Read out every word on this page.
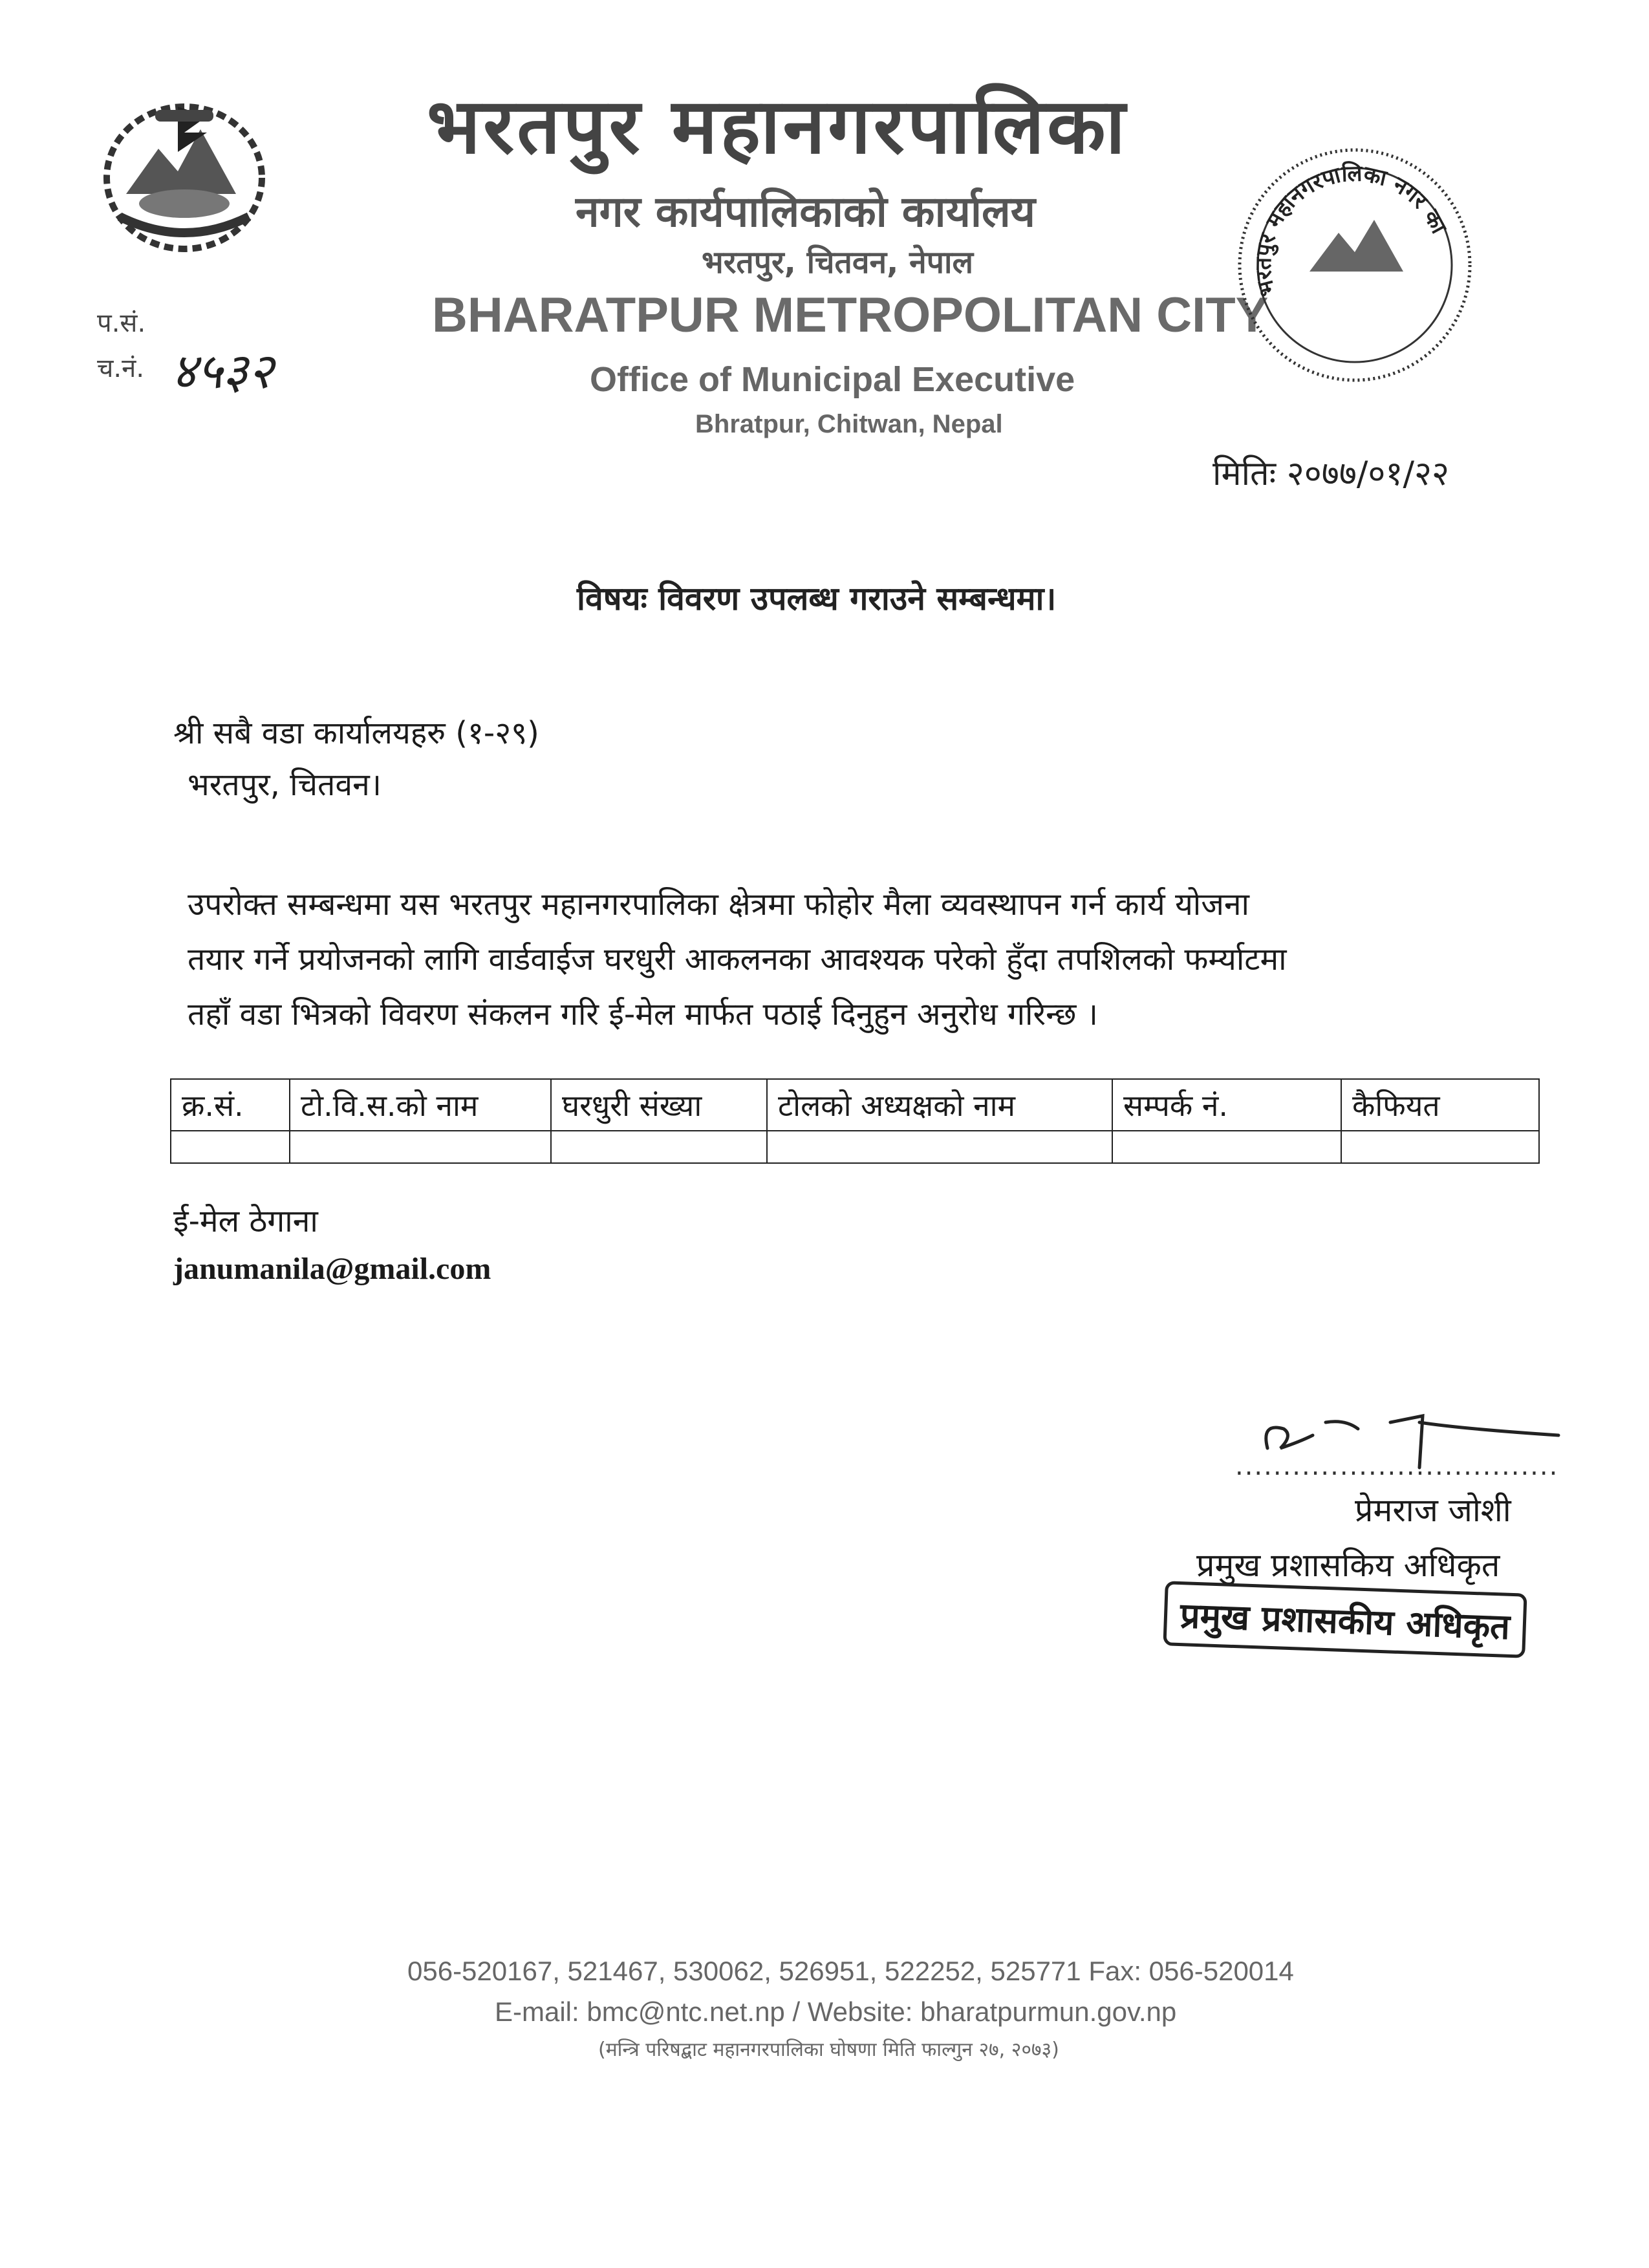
भरतपुर महानगरपालिका
नगर कार्यपालिकाको कार्यालय
भरतपुर, चितवन, नेपाल
BHARATPUR METROPOLITAN CITY
Office of Municipal Executive
Bhratpur, Chitwan, Nepal
भरतपुर महानगरपालिका नगर कार्यपालिकाको
प.सं.
च.नं. ४५३२
मितिः २०७७/०१/२२
विषयः विवरण उपलब्ध गराउने सम्बन्धमा।
श्री सबै वडा कार्यालयहरु (१-२९)
भरतपुर, चितवन।
उपरोक्त सम्बन्धमा यस भरतपुर महानगरपालिका क्षेत्रमा फोहोर मैला व्यवस्थापन गर्न कार्य योजना
तयार गर्ने प्रयोजनको लागि वार्डवाईज घरधुरी आकलनका आवश्यक परेको हुँदा तपशिलको फर्म्याटमा
तहाँ वडा भित्रको विवरण संकलन गरि ई-मेल मार्फत पठाई दिनुहुन अनुरोध गरिन्छ ।
क्र.सं.	टो.वि.स.को नाम	घरधुरी संख्या	टोलको अध्यक्षको नाम	सम्पर्क नं.	कैफियत

ई-मेल ठेगाना
janumanila@gmail.com
..................................
प्रेमराज जोशी
प्रमुख प्रशासकिय अधिकृत
प्रमुख प्रशासकीय अधिकृत
056-520167, 521467, 530062, 526951, 522252, 525771 Fax: 056-520014
E-mail: bmc@ntc.net.np / Website: bharatpurmun.gov.np
(मन्त्रि परिषद्बाट महानगरपालिका घोषणा मिति फाल्गुन २७, २०७३)
